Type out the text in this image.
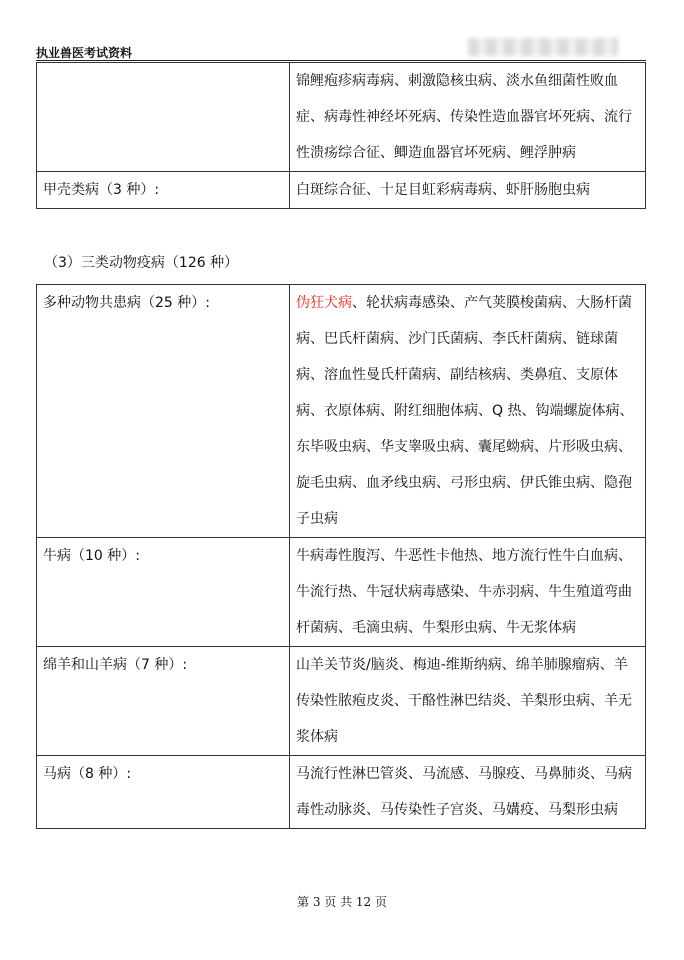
执业兽医考试资料
	锦鲤疱疹病毒病、刺激隐核虫病、淡水鱼细菌性败血症、病毒性神经坏死病、传染性造血器官坏死病、流行性溃疡综合征、鲫造血器官坏死病、鲤浮肿病
甲壳类病（3 种）:	白斑综合征、十足目虹彩病毒病、虾肝肠胞虫病
（3）三类动物疫病（126 种）
多种动物共患病（25 种）:	伪狂犬病、轮状病毒感染、产气荚膜梭菌病、大肠杆菌病、巴氏杆菌病、沙门氏菌病、李氏杆菌病、链球菌病、溶血性曼氏杆菌病、副结核病、类鼻疽、支原体病、衣原体病、附红细胞体病、Q 热、钩端螺旋体病、东毕吸虫病、华支睾吸虫病、囊尾蚴病、片形吸虫病、旋毛虫病、血矛线虫病、弓形虫病、伊氏锥虫病、隐孢子虫病
牛病（10 种）:	牛病毒性腹泻、牛恶性卡他热、地方流行性牛白血病、牛流行热、牛冠状病毒感染、牛赤羽病、牛生殖道弯曲杆菌病、毛滴虫病、牛梨形虫病、牛无浆体病
绵羊和山羊病（7 种）:	山羊关节炎/脑炎、梅迪-维斯纳病、绵羊肺腺瘤病、羊传染性脓疱皮炎、干酪性淋巴结炎、羊梨形虫病、羊无浆体病
马病（8 种）:	马流行性淋巴管炎、马流感、马腺疫、马鼻肺炎、马病毒性动脉炎、马传染性子宫炎、马媾疫、马梨形虫病
第 3 页 共 12 页
